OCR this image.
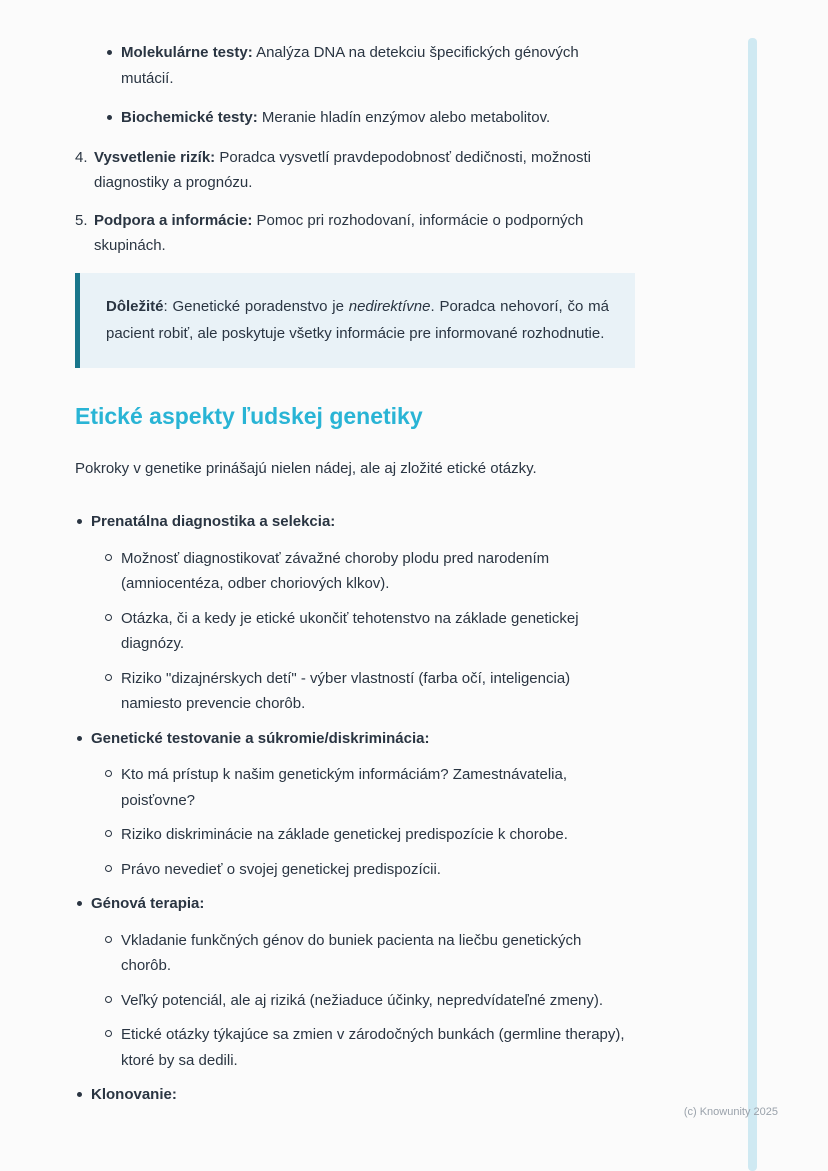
Molekulárne testy: Analýza DNA na detekciu špecifických génových mutácií.
Biochemické testy: Meranie hladín enzýmov alebo metabolitov.
4. Vysvetlenie rizík: Poradca vysvetlí pravdepodobnosť dedičnosti, možnosti diagnostiky a prognózu.
5. Podpora a informácie: Pomoc pri rozhodovaní, informácie o podporných skupinách.

Dôležité: Genetické poradenstvo je nedirektívne. Poradca nehovorí, čo má pacient robiť, ale poskytuje všetky informácie pre informované rozhodnutie.

Etické aspekty ľudskej genetiky

Pokroky v genetike prinášajú nielen nádej, ale aj zložité etické otázky.

Prenatálna diagnostika a selekcia:
Možnosť diagnostikovať závažné choroby plodu pred narodením (amniocentéza, odber choriových klkov).
Otázka, či a kedy je etické ukončiť tehotenstvo na základe genetickej diagnózy.
Riziko "dizajnérskych detí" - výber vlastností (farba očí, inteligencia) namiesto prevencie chorôb.
Genetické testovanie a súkromie/diskriminácia:
Kto má prístup k našim genetickým informáciám? Zamestnávatelia, poisťovne?
Riziko diskriminácie na základe genetickej predispozície k chorobe.
Právo nevedieť o svojej genetickej predispozícii.
Génová terapia:
Vkladanie funkčných génov do buniek pacienta na liečbu genetických chorôb.
Veľký potenciál, ale aj riziká (nežiaduce účinky, nepredvídateľné zmeny).
Etické otázky týkajúce sa zmien v zárodočných bunkách (germline therapy), ktoré by sa dedili.
Klonovanie:
(c) Knowunity 2025
